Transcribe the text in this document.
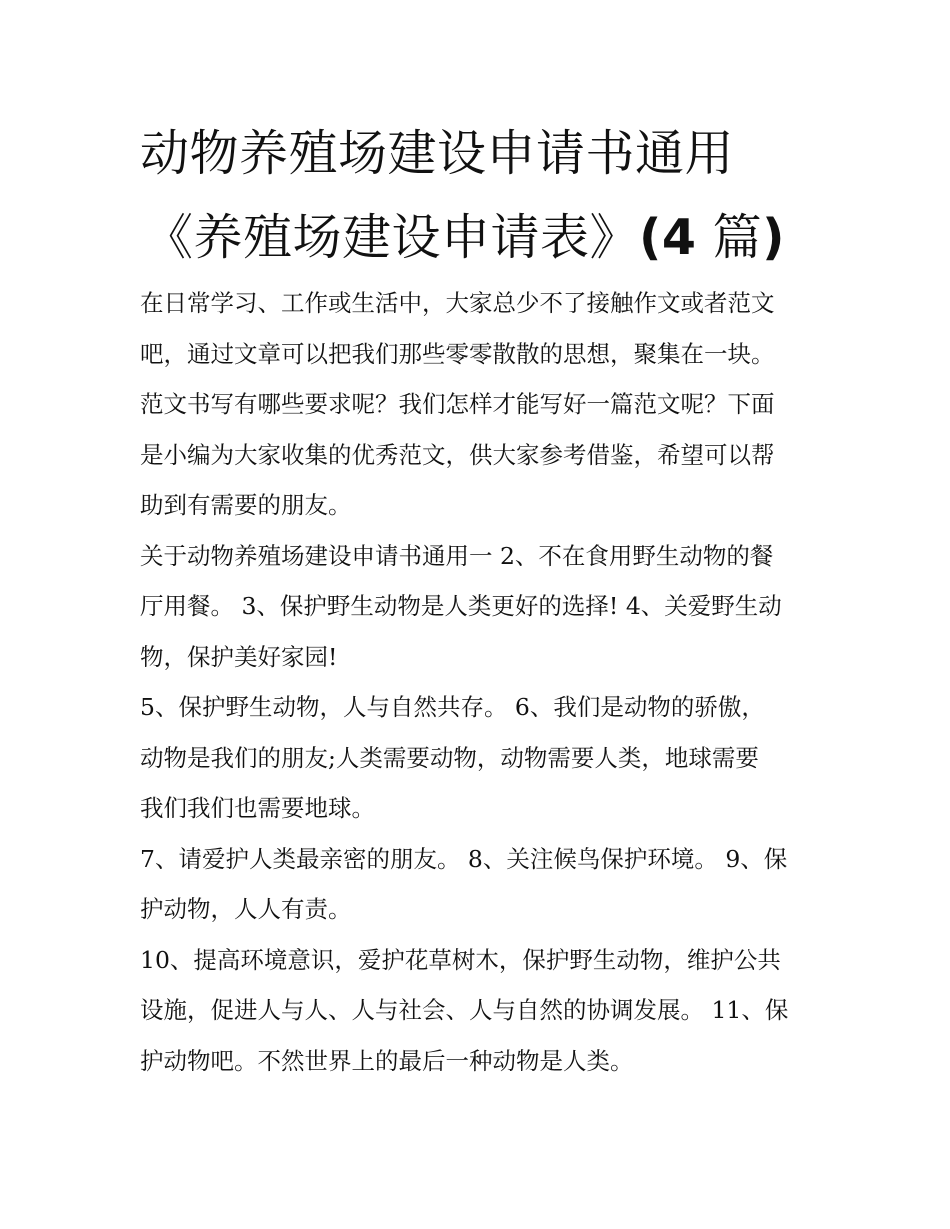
动物养殖场建设申请书通用
《养殖场建设申请表》(4 篇)

在日常学习、工作或生活中，大家总少不了接触作文或者范文
吧，通过文章可以把我们那些零零散散的思想，聚集在一块。
范文书写有哪些要求呢？我们怎样才能写好一篇范文呢？下面
是小编为大家收集的优秀范文，供大家参考借鉴，希望可以帮
助到有需要的朋友。

关于动物养殖场建设申请书通用一 2、不在食用野生动物的餐
厅用餐。 3、保护野生动物是人类更好的选择! 4、关爱野生动
物，保护美好家园!

5、保护野生动物，人与自然共存。 6、我们是动物的骄傲，
动物是我们的朋友;人类需要动物，动物需要人类，地球需要
我们我们也需要地球。

7、请爱护人类最亲密的朋友。 8、关注候鸟保护环境。 9、保
护动物，人人有责。

10、提高环境意识，爱护花草树木，保护野生动物，维护公共
设施，促进人与人、人与社会、人与自然的协调发展。 11、保
护动物吧。不然世界上的最后一种动物是人类。
